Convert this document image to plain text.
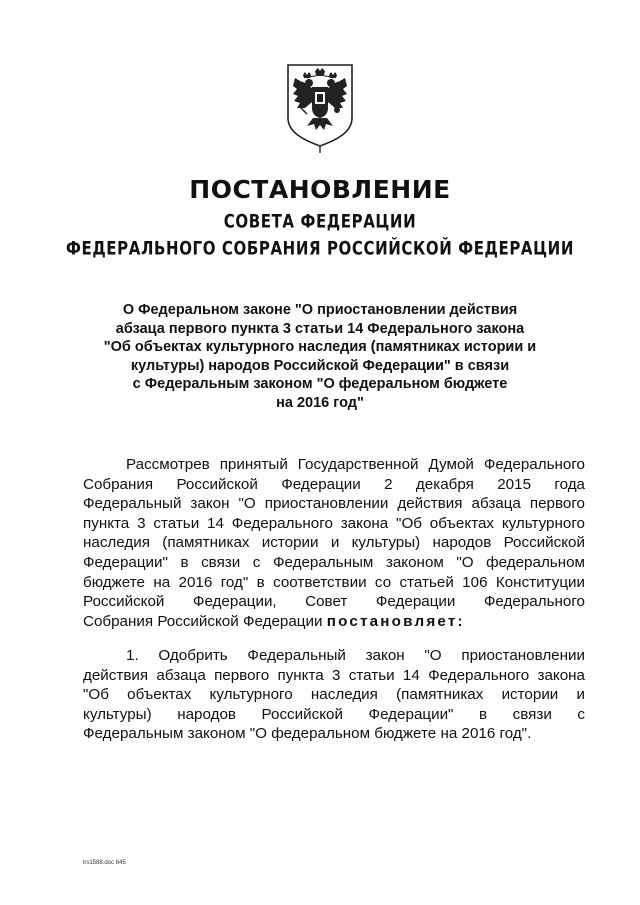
ПОСТАНОВЛЕНИЕ
СОВЕТА ФЕДЕРАЦИИ
ФЕДЕРАЛЬНОГО СОБРАНИЯ РОССИЙСКОЙ ФЕДЕРАЦИИ
О Федеральном законе "О приостановлении действия
абзаца первого пункта 3 статьи 14 Федерального закона
"Об объектах культурного наследия (памятниках истории и
культуры) народов Российской Федерации" в связи
с Федеральным законом "О федеральном бюджете
на 2016 год"
Рассмотрев принятый Государственной Думой Федерального
Собрания Российской Федерации 2 декабря 2015 года
Федеральный закон "О приостановлении действия абзаца первого
пункта 3 статьи 14 Федерального закона "Об объектах культурного
наследия (памятниках истории и культуры) народов Российской
Федерации" в связи с Федеральным законом "О федеральном
бюджете на 2016 год" в соответствии со статьей 106 Конституции
Российской Федерации, Совет Федерации Федерального
Собрания Российской Федерации постановляет:
1. Одобрить Федеральный закон "О приостановлении
действия абзаца первого пункта 3 статьи 14 Федерального закона
"Об объектах культурного наследия (памятниках истории и
культуры) народов Российской Федерации" в связи с
Федеральным законом "О федеральном бюджете на 2016 год".
lrs1588.doc 645
